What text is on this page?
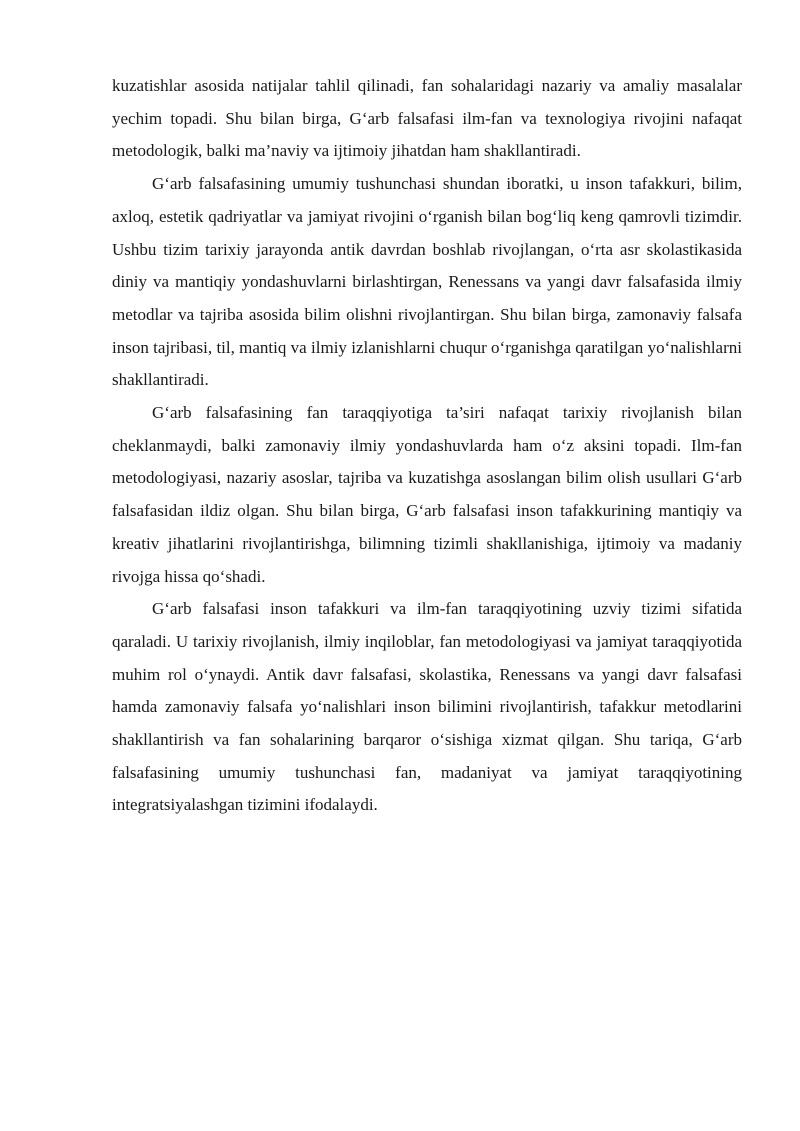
kuzatishlar asosida natijalar tahlil qilinadi, fan sohalaridagi nazariy va amaliy masalalar yechim topadi. Shu bilan birga, G‘arb falsafasi ilm-fan va texnologiya rivojini nafaqat metodologik, balki ma’naviy va ijtimoiy jihatdan ham shakllantiradi.

G‘arb falsafasining umumiy tushunchasi shundan iboratki, u inson tafakkuri, bilim, axloq, estetik qadriyatlar va jamiyat rivojini o‘rganish bilan bog‘liq keng qamrovli tizimdir. Ushbu tizim tarixiy jarayonda antik davrdan boshlab rivojlangan, o‘rta asr skolastikasida diniy va mantiqiy yondashuvlarni birlashtirgan, Renessans va yangi davr falsafasida ilmiy metodlar va tajriba asosida bilim olishni rivojlantirgan. Shu bilan birga, zamonaviy falsafa inson tajribasi, til, mantiq va ilmiy izlanishlarni chuqur o‘rganishga qaratilgan yo‘nalishlarni shakllantiradi.

G‘arb falsafasining fan taraqqiyotiga ta’siri nafaqat tarixiy rivojlanish bilan cheklanmaydi, balki zamonaviy ilmiy yondashuvlarda ham o‘z aksini topadi. Ilm-fan metodologiyasi, nazariy asoslar, tajriba va kuzatishga asoslangan bilim olish usullari G‘arb falsafasidan ildiz olgan. Shu bilan birga, G‘arb falsafasi inson tafakkurining mantiqiy va kreativ jihatlarini rivojlantirishga, bilimning tizimli shakllanishiga, ijtimoiy va madaniy rivojga hissa qo‘shadi.

G‘arb falsafasi inson tafakkuri va ilm-fan taraqqiyotining uzviy tizimi sifatida qaraladi. U tarixiy rivojlanish, ilmiy inqiloblar, fan metodologiyasi va jamiyat taraqqiyotida muhim rol o‘ynaydi. Antik davr falsafasi, skolastika, Renessans va yangi davr falsafasi hamda zamonaviy falsafa yo‘nalishlari inson bilimini rivojlantirish, tafakkur metodlarini shakllantirish va fan sohalarining barqaror o‘sishiga xizmat qilgan. Shu tariqa, G‘arb falsafasining umumiy tushunchasi fan, madaniyat va jamiyat taraqqiyotining integratsiyalashgan tizimini ifodalaydi.
